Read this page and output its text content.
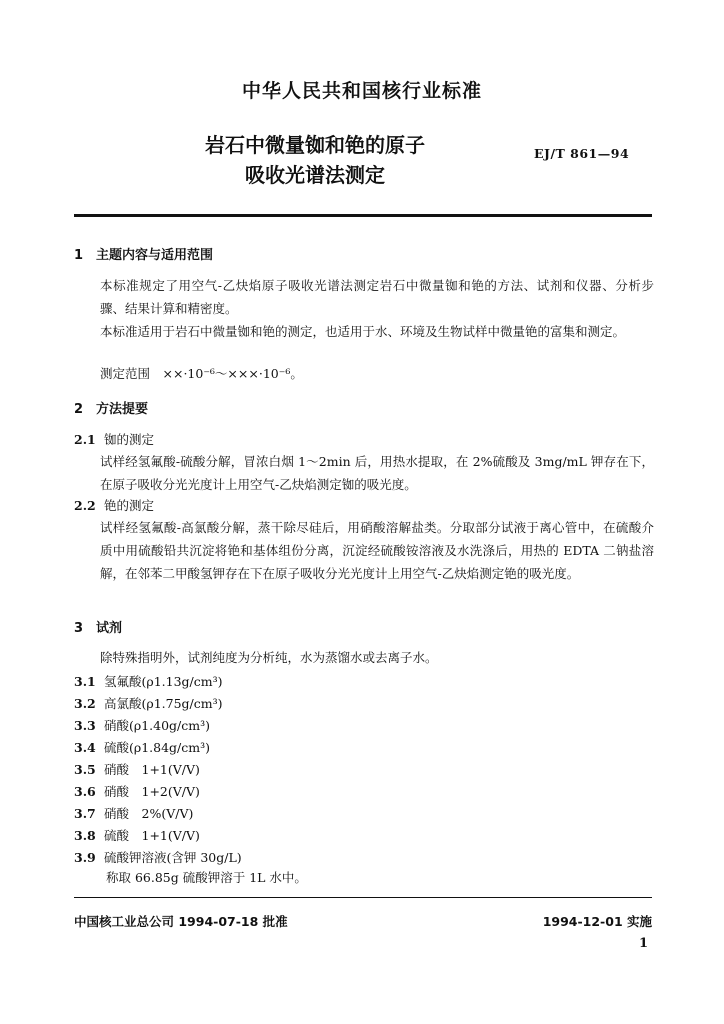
中华人民共和国核行业标准
岩石中微量铷和铯的原子
吸收光谱法测定
EJ/T 861—94
1 主题内容与适用范围
本标准规定了用空气-乙炔焰原子吸收光谱法测定岩石中微量铷和铯的方法、试剂和仪器、分析步骤、结果计算和精密度。
本标准适用于岩石中微量铷和铯的测定，也适用于水、环境及生物试样中微量铯的富集和测定。
测定范围　××·10⁻⁶～×××·10⁻⁶。
2 方法提要
2.1 铷的测定
试样经氢氟酸-硫酸分解，冒浓白烟 1～2min 后，用热水提取，在 2%硫酸及 3mg/mL 钾存在下，在原子吸收分光光度计上用空气-乙炔焰测定铷的吸光度。
2.2 铯的测定
试样经氢氟酸-高氯酸分解，蒸干除尽硅后，用硝酸溶解盐类。分取部分试液于离心管中，在硫酸介质中用硫酸铅共沉淀将铯和基体组份分离，沉淀经硫酸铵溶液及水洗涤后，用热的 EDTA 二钠盐溶解，在邻苯二甲酸氢钾存在下在原子吸收分光光度计上用空气-乙炔焰测定铯的吸光度。
3 试剂
除特殊指明外，试剂纯度为分析纯，水为蒸馏水或去离子水。
3.1 氢氟酸(ρ1.13g/cm³)
3.2 高氯酸(ρ1.75g/cm³)
3.3 硝酸(ρ1.40g/cm³)
3.4 硫酸(ρ1.84g/cm³)
3.5 硝酸　1+1(V/V)
3.6 硝酸　1+2(V/V)
3.7 硝酸　2%(V/V)
3.8 硫酸　1+1(V/V)
3.9 硫酸钾溶液(含钾 30g/L)
称取 66.85g 硫酸钾溶于 1L 水中。
中国核工业总公司 1994-07-18 批准	1994-12-01 实施
1
